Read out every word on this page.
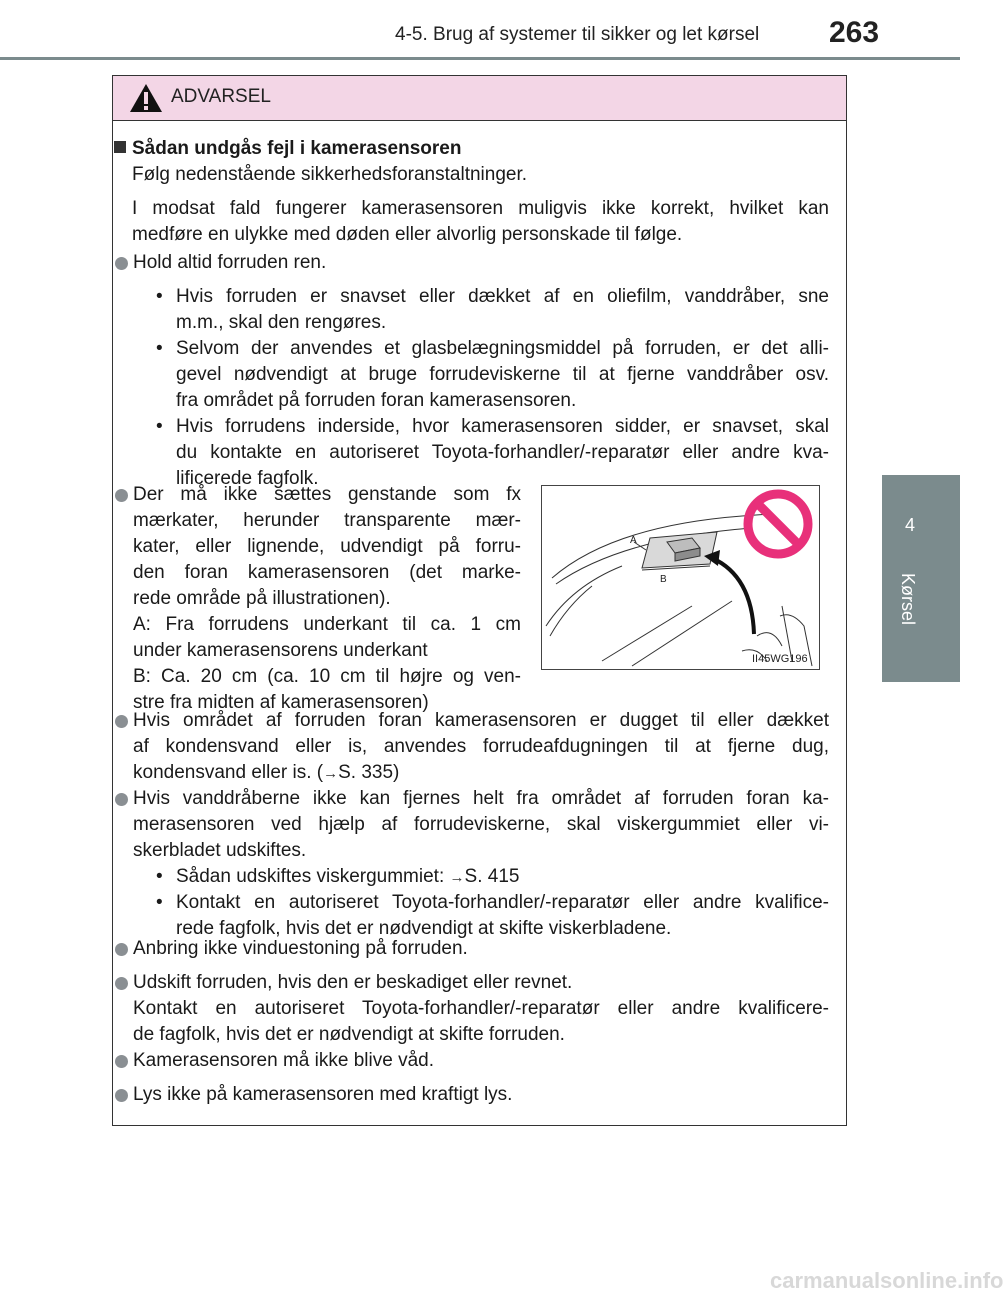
4-5. Brug af systemer til sikker og let kørsel 263
4
Kørsel
ADVARSEL
Sådan undgås fejl i kamerasensoren
Følg nedenstående sikkerhedsforanstaltninger.
I modsat fald fungerer kamerasensoren muligvis ikke korrekt, hvilket kan
medføre en ulykke med døden eller alvorlig personskade til følge.
Hold altid forruden ren.
• Hvis forruden er snavset eller dækket af en oliefilm, vanddråber, sne
m.m., skal den rengøres.
• Selvom der anvendes et glasbelægningsmiddel på forruden, er det alli-
gevel nødvendigt at bruge forrudeviskerne til at fjerne vanddråber osv.
fra området på forruden foran kamerasensoren.
• Hvis forrudens inderside, hvor kamerasensoren sidder, er snavset, skal
du kontakte en autoriseret Toyota-forhandler/-reparatør eller andre kva-
lificerede fagfolk.
Der må ikke sættes genstande som fx
mærkater, herunder transparente mær-
kater, eller lignende, udvendigt på forru-
den foran kamerasensoren (det marke-
rede område på illustrationen).
A: Fra forrudens underkant til ca. 1 cm
under kamerasensorens underkant
B: Ca. 20 cm (ca. 10 cm til højre og ven-
stre fra midten af kamerasensoren)
A
B
II45WG196
Hvis området af forruden foran kamerasensoren er dugget til eller dækket
af kondensvand eller is, anvendes forrudeafdugningen til at fjerne dug,
kondensvand eller is. (→S. 335)
Hvis vanddråberne ikke kan fjernes helt fra området af forruden foran ka-
merasensoren ved hjælp af forrudeviskerne, skal viskergummiet eller vi-
skerbladet udskiftes.
• Sådan udskiftes viskergummiet: →S. 415
• Kontakt en autoriseret Toyota-forhandler/-reparatør eller andre kvalifice-
rede fagfolk, hvis det er nødvendigt at skifte viskerbladene.
Anbring ikke vinduestoning på forruden.
Udskift forruden, hvis den er beskadiget eller revnet.
Kontakt en autoriseret Toyota-forhandler/-reparatør eller andre kvalificere-
de fagfolk, hvis det er nødvendigt at skifte forruden.
Kamerasensoren må ikke blive våd.
Lys ikke på kamerasensoren med kraftigt lys.
carmanualsonline.info
